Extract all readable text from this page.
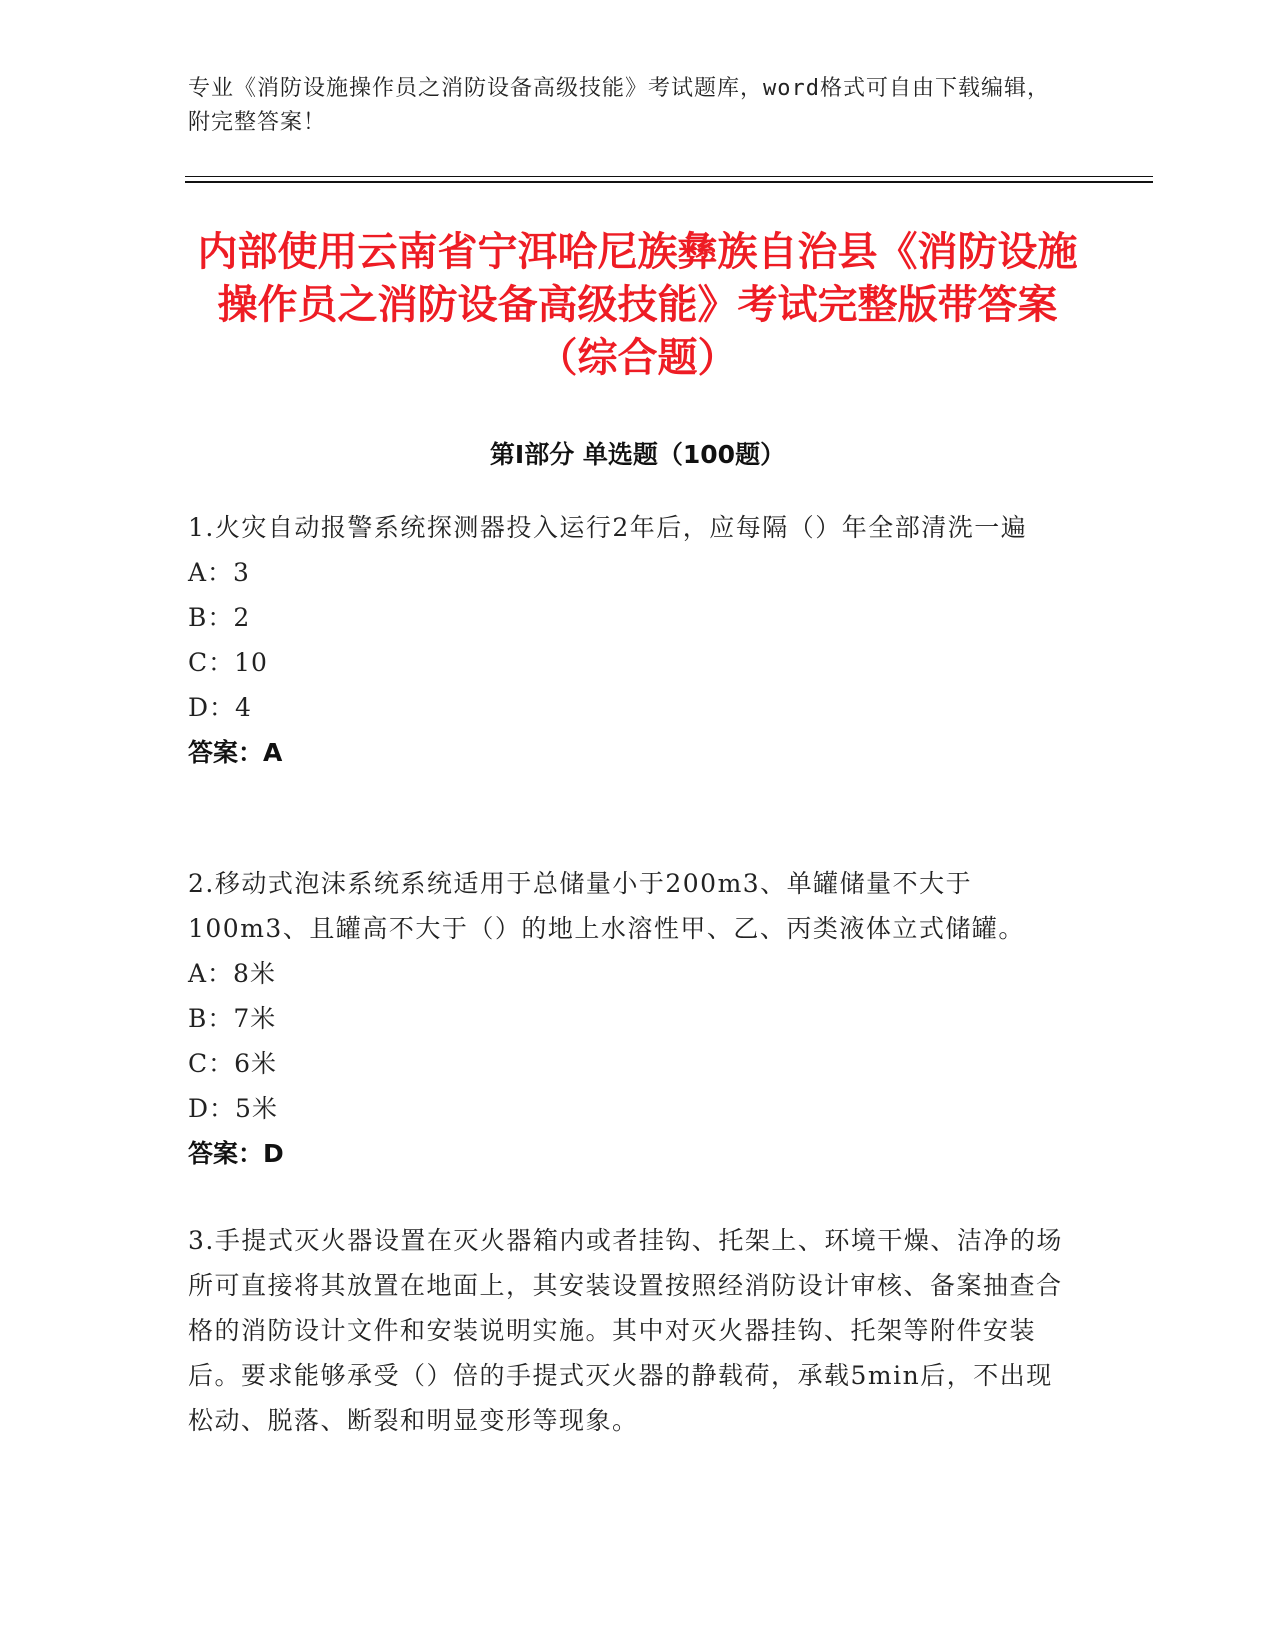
专业《消防设施操作员之消防设备高级技能》考试题库，word格式可自由下载编辑，附完整答案！
内部使用云南省宁洱哈尼族彝族自治县《消防设施操作员之消防设备高级技能》考试完整版带答案（综合题）
第I部分 单选题（100题）
1.火灾自动报警系统探测器投入运行2年后，应每隔（）年全部清洗一遍
A：3
B：2
C：10
D：4
答案：A
2.移动式泡沫系统系统适用于总储量小于200m3、单罐储量不大于100m3、且罐高不大于（）的地上水溶性甲、乙、丙类液体立式储罐。
A：8米
B：7米
C：6米
D：5米
答案：D
3.手提式灭火器设置在灭火器箱内或者挂钩、托架上、环境干燥、洁净的场所可直接将其放置在地面上，其安装设置按照经消防设计审核、备案抽查合格的消防设计文件和安装说明实施。其中对灭火器挂钩、托架等附件安装后。要求能够承受（）倍的手提式灭火器的静载荷，承载5min后，不出现松动、脱落、断裂和明显变形等现象。
